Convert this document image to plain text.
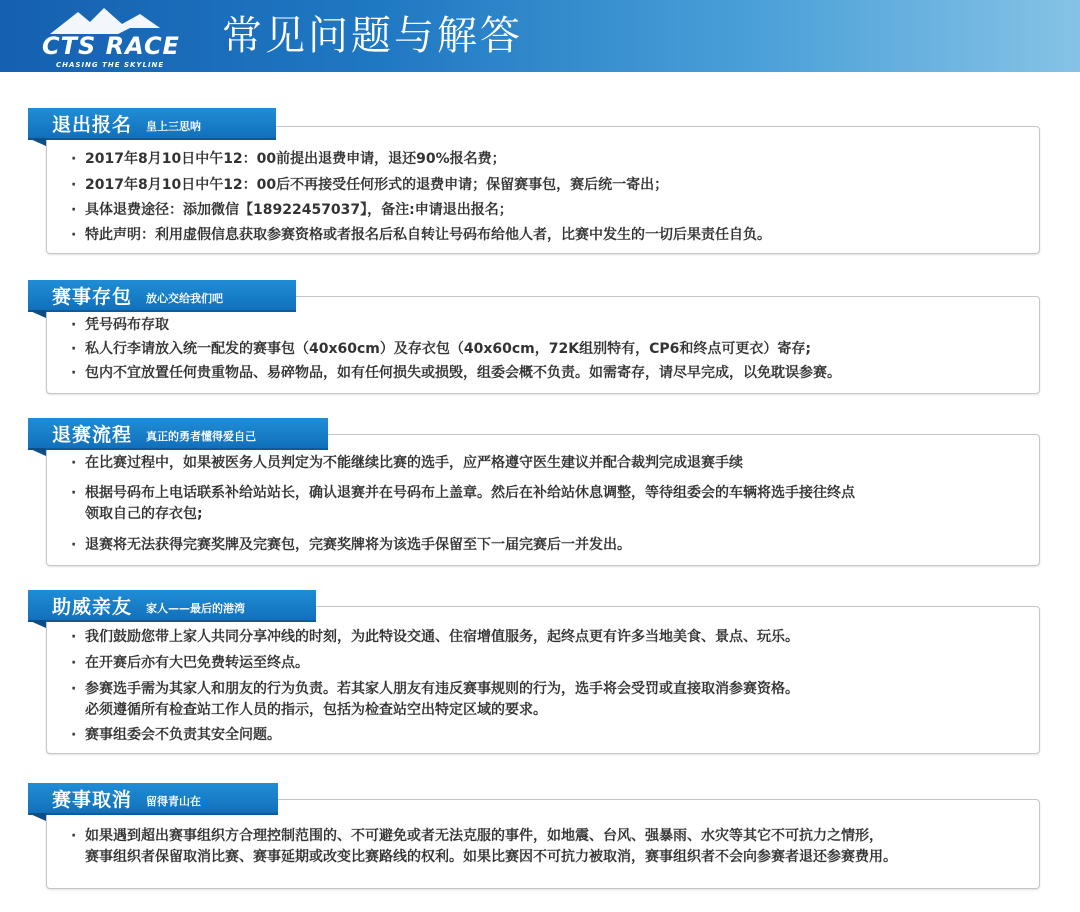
CTS RACE
CHASING THE SKYLINE
常见问题与解答
· 2017年8月10日中午12：00前提出退费申请，退还90%报名费；
· 2017年8月10日中午12：00后不再接受任何形式的退费申请；保留赛事包，赛后统一寄出；
· 具体退费途径：添加微信【18922457037】，备注:申请退出报名；
· 特此声明：利用虚假信息获取参赛资格或者报名后私自转让号码布给他人者，比赛中发生的一切后果责任自负。
退出报名	皇上三思呐
· 凭号码布存取
· 私人行李请放入统一配发的赛事包（40x60cm）及存衣包（40x60cm，72K组别特有，CP6和终点可更衣）寄存;
· 包内不宜放置任何贵重物品、易碎物品，如有任何损失或损毁，组委会概不负责。如需寄存，请尽早完成，以免耽误参赛。
赛事存包	放心交给我们吧
· 在比赛过程中，如果被医务人员判定为不能继续比赛的选手，应严格遵守医生建议并配合裁判完成退赛手续
· 根据号码布上电话联系补给站站长，确认退赛并在号码布上盖章。然后在补给站休息调整，等待组委会的车辆将选手接往终点
领取自己的存衣包;
· 退赛将无法获得完赛奖牌及完赛包，完赛奖牌将为该选手保留至下一届完赛后一并发出。
退赛流程	真正的勇者懂得爱自己
· 我们鼓励您带上家人共同分享冲线的时刻，为此特设交通、住宿增值服务，起终点更有许多当地美食、景点、玩乐。
· 在开赛后亦有大巴免费转运至终点。
· 参赛选手需为其家人和朋友的行为负责。若其家人朋友有违反赛事规则的行为，选手将会受罚或直接取消参赛资格。
必须遵循所有检查站工作人员的指示，包括为检查站空出特定区域的要求。
· 赛事组委会不负责其安全问题。
助威亲友	家人——最后的港湾
· 如果遇到超出赛事组织方合理控制范围的、不可避免或者无法克服的事件，如地震、台风、强暴雨、水灾等其它不可抗力之情形，
赛事组织者保留取消比赛、赛事延期或改变比赛路线的权利。如果比赛因不可抗力被取消，赛事组织者不会向参赛者退还参赛费用。
赛事取消	留得青山在
